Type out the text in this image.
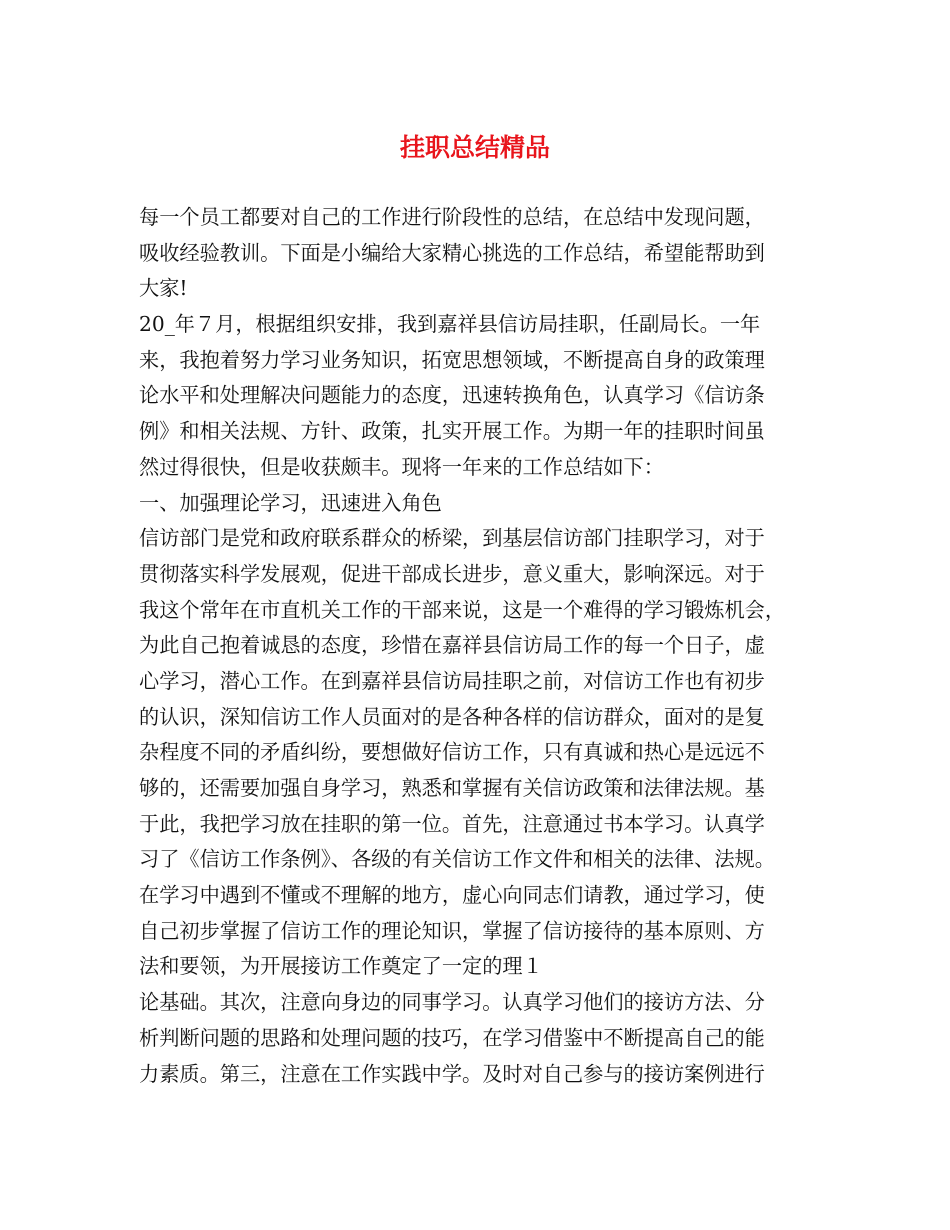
挂职总结精品
每一个员工都要对自己的工作进行阶段性的总结，在总结中发现问题，
吸收经验教训。下面是小编给大家精心挑选的工作总结，希望能帮助到
大家!
20_年７月，根据组织安排，我到嘉祥县信访局挂职，任副局长。一年
来，我抱着努力学习业务知识，拓宽思想领域，不断提高自身的政策理
论水平和处理解决问题能力的态度，迅速转换角色，认真学习《信访条
例》和相关法规、方针、政策，扎实开展工作。为期一年的挂职时间虽
然过得很快，但是收获颇丰。现将一年来的工作总结如下：
一、加强理论学习，迅速进入角色
信访部门是党和政府联系群众的桥梁，到基层信访部门挂职学习，对于
贯彻落实科学发展观，促进干部成长进步，意义重大，影响深远。对于
我这个常年在市直机关工作的干部来说，这是一个难得的学习锻炼机会，
为此自己抱着诚恳的态度，珍惜在嘉祥县信访局工作的每一个日子，虚
心学习，潜心工作。在到嘉祥县信访局挂职之前，对信访工作也有初步
的认识，深知信访工作人员面对的是各种各样的信访群众，面对的是复
杂程度不同的矛盾纠纷，要想做好信访工作，只有真诚和热心是远远不
够的，还需要加强自身学习，熟悉和掌握有关信访政策和法律法规。基
于此，我把学习放在挂职的第一位。首先，注意通过书本学习。认真学
习了《信访工作条例》、各级的有关信访工作文件和相关的法律、法规。
在学习中遇到不懂或不理解的地方，虚心向同志们请教，通过学习，使
自己初步掌握了信访工作的理论知识，掌握了信访接待的基本原则、方
法和要领，为开展接访工作奠定了一定的理１
论基础。其次，注意向身边的同事学习。认真学习他们的接访方法、分
析判断问题的思路和处理问题的技巧，在学习借鉴中不断提高自己的能
力素质。第三，注意在工作实践中学。及时对自己参与的接访案例进行
